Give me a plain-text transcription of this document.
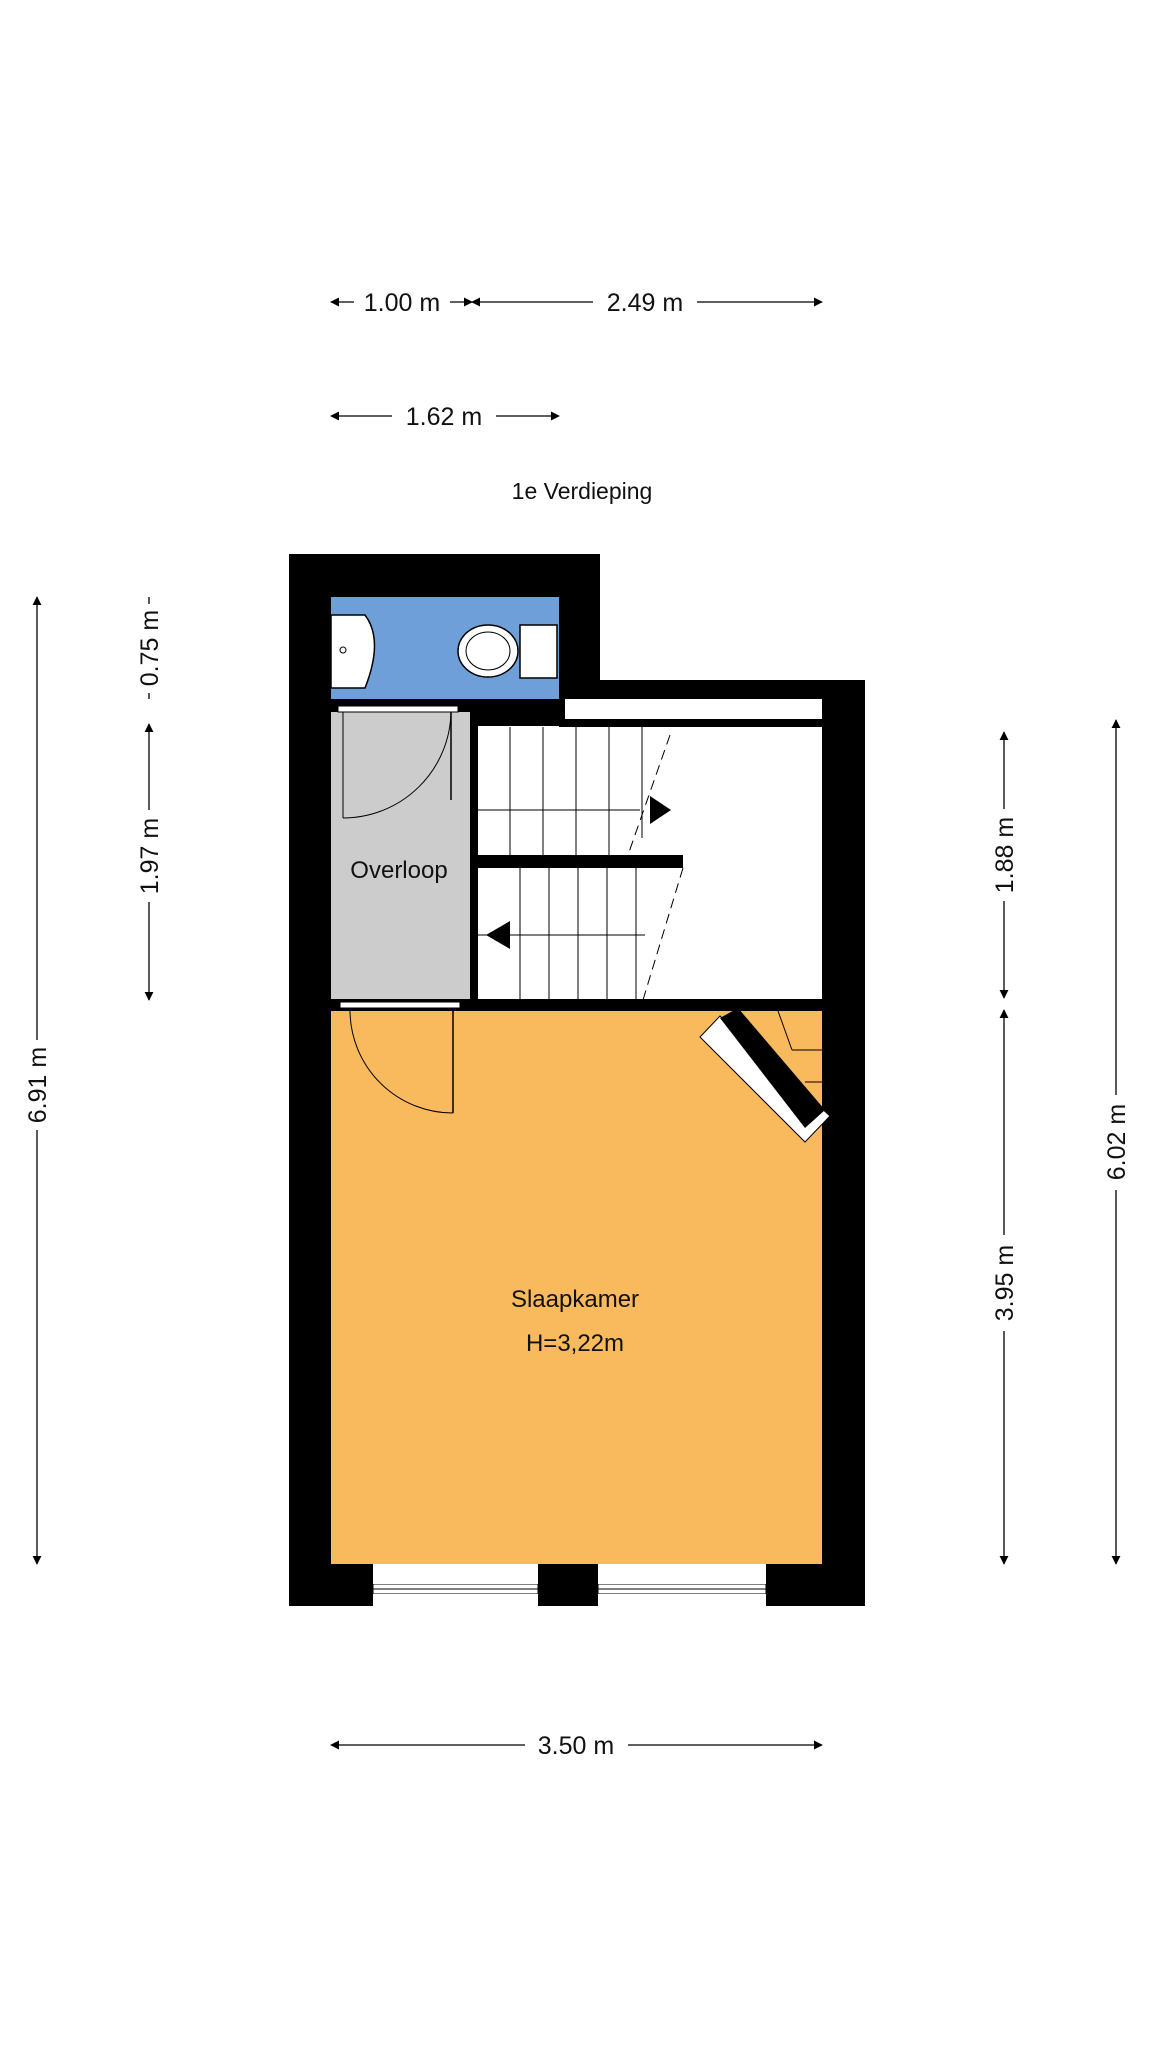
1e Verdieping
Overloop
Slaapkamer
H=3,22m
1.00 m	2.49 m
1.62 m
3.50 m
6.91 m
0.75 m
1.97 m	1.88 m
3.95 m
6.02 m
